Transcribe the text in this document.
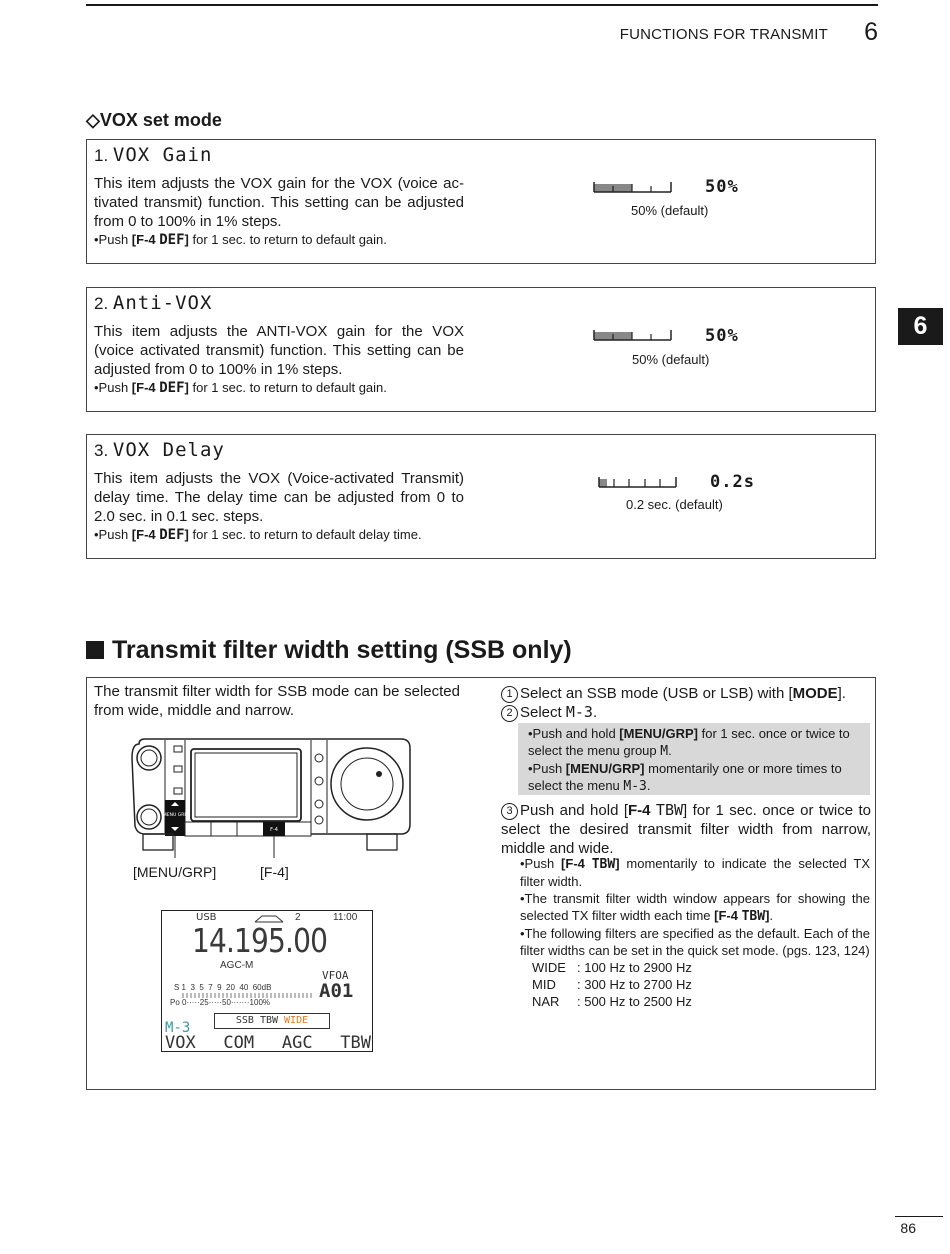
FUNCTIONS FOR TRANSMIT 6
6
◇VOX set mode
1. VOX Gain
This item adjusts the VOX gain for the VOX (voice activated transmit) function. This setting can be adjusted from 0 to 100% in 1% steps.
•Push [F-4 DEF] for 1 sec. to return to default gain.
50%
50% (default)
2. Anti-VOX
This item adjusts the ANTI-VOX gain for the VOX (voice activated transmit) function. This setting can be adjusted from 0 to 100% in 1% steps.
•Push [F-4 DEF] for 1 sec. to return to default gain.
50%
50% (default)
3. VOX Delay
This item adjusts the VOX (Voice-activated Transmit) delay time. The delay time can be adjusted from 0 to 2.0 sec. in 0.1 sec. steps.
•Push [F-4 DEF] for 1 sec. to return to default delay time.
0.2s
0.2 sec. (default)
Transmit filter width setting (SSB only)
The transmit filter width for SSB mode can be selected from wide, middle and narrow.
MENU GRP
F-4
[MENU/GRP]	[F-4]
1 Select an SSB mode (USB or LSB) with [MODE].
2 Select M-3.
•Push and hold [MENU/GRP] for 1 sec. once or twice to select the menu group M.
•Push [MENU/GRP] momentarily one or more times to select the menu M-3.
3 Push and hold [F-4 TBW] for 1 sec. once or twice to select the desired transmit filter width from narrow, middle and wide.
•Push [F-4 TBW] momentarily to indicate the selected TX filter width.
•The transmit filter width window appears for showing the selected TX filter width each time [F-4 TBW].
•The following filters are specified as the default. Each of the filter widths can be set in the quick set mode. (pgs. 123, 124)
WIDE : 100 Hz to 2900 Hz
MID : 300 Hz to 2700 Hz
NAR : 500 Hz to 2500 Hz
USB	2	11:00
14.195.00
AGC-M
VFOA
A01
S 1  3  5  7  9  20  40  60dB
Po 0·····25·····50·······100%
SSB TBW WIDE
M-3
VOX COM AGC TBW
86
